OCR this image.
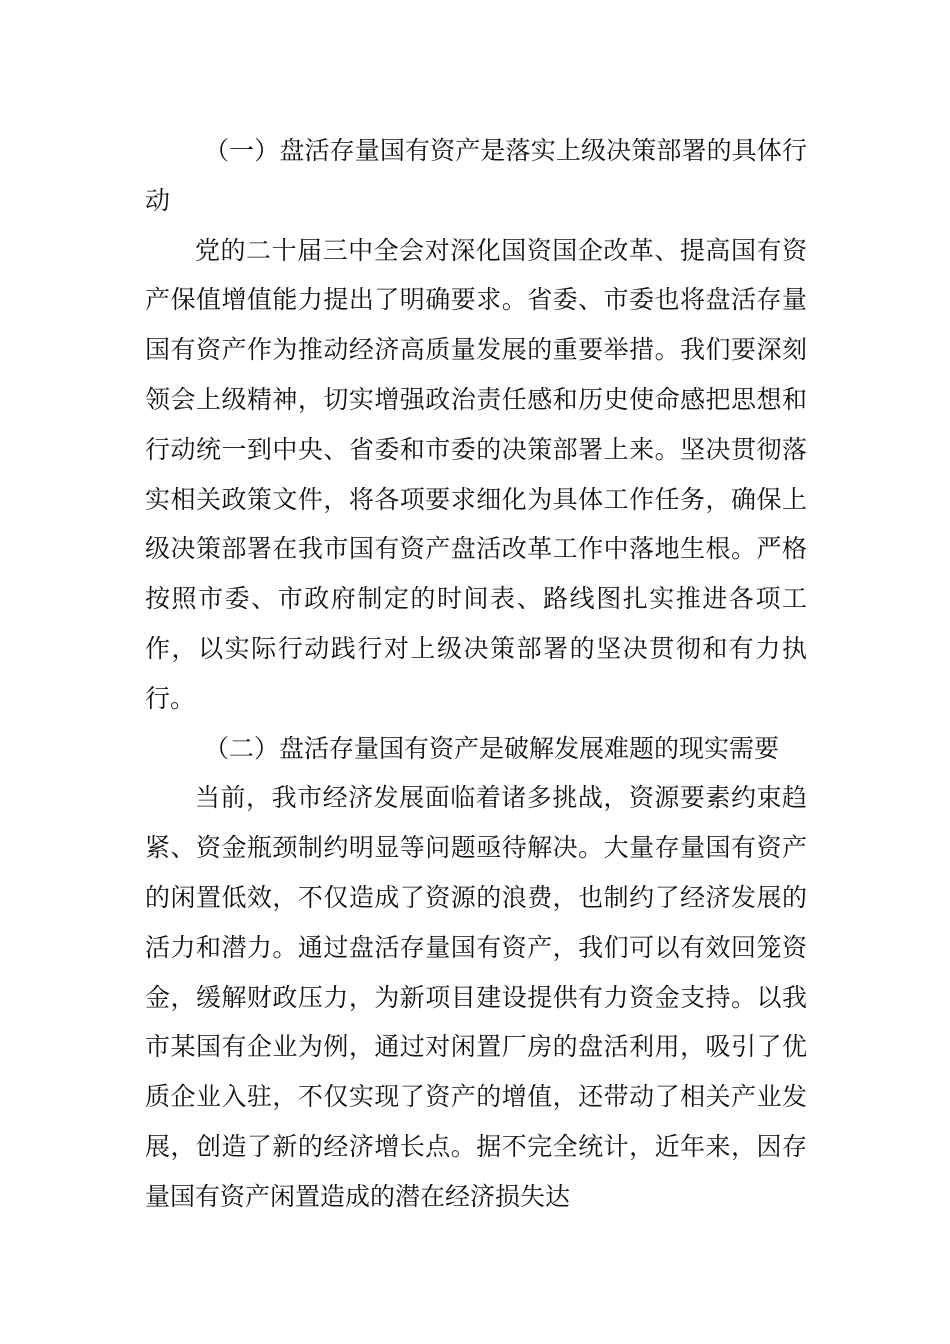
（一）盘活存量国有资产是落实上级决策部署的具体行动

党的二十届三中全会对深化国资国企改革、提高国有资产保值增值能力提出了明确要求。省委、市委也将盘活存量国有资产作为推动经济高质量发展的重要举措。我们要深刻领会上级精神，切实增强政治责任感和历史使命感把思想和行动统一到中央、省委和市委的决策部署上来。坚决贯彻落实相关政策文件，将各项要求细化为具体工作任务，确保上级决策部署在我市国有资产盘活改革工作中落地生根。严格按照市委、市政府制定的时间表、路线图扎实推进各项工作，以实际行动践行对上级决策部署的坚决贯彻和有力执行。

（二）盘活存量国有资产是破解发展难题的现实需要

当前，我市经济发展面临着诸多挑战，资源要素约束趋紧、资金瓶颈制约明显等问题亟待解决。大量存量国有资产的闲置低效，不仅造成了资源的浪费，也制约了经济发展的活力和潜力。通过盘活存量国有资产，我们可以有效回笼资金，缓解财政压力，为新项目建设提供有力资金支持。以我市某国有企业为例，通过对闲置厂房的盘活利用，吸引了优质企业入驻，不仅实现了资产的增值，还带动了相关产业发展，创造了新的经济增长点。据不完全统计，近年来，因存量国有资产闲置造成的潜在经济损失达
